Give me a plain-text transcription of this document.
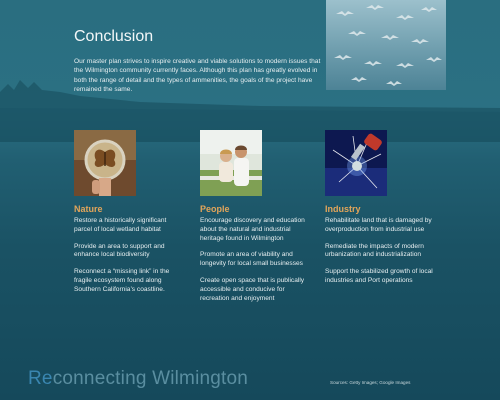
Conclusion

Our master plan strives to inspire creative and viable solutions to modern issues that the Wilmington community currently faces. Although this plan has greatly evolved in both the range of detail and the types of ammenities, the goals of the project have remained the same.

Nature

Restore a historically significant parcel of local wetland habitat

Provide an area to support and enhance local biodiversity

Reconnect a “missing link” in the fragile ecosystem found along Southern California’s coastline.

People

Encourage discovery and education about the natural and industrial heritage found in Wilmington

Promote an area of viability and longevity for local small businesses

Create open space that is publically accessible and conducive for recreation and enjoyment

Industry

Rehabilitate land that is damaged by overproduction from industrial use

Remediate the impacts of modern urbanization and industrialization

Support the stabilized growth of local industries and Port operations

Reconnecting Wilmington	Sources: Getty Images; Google Images
